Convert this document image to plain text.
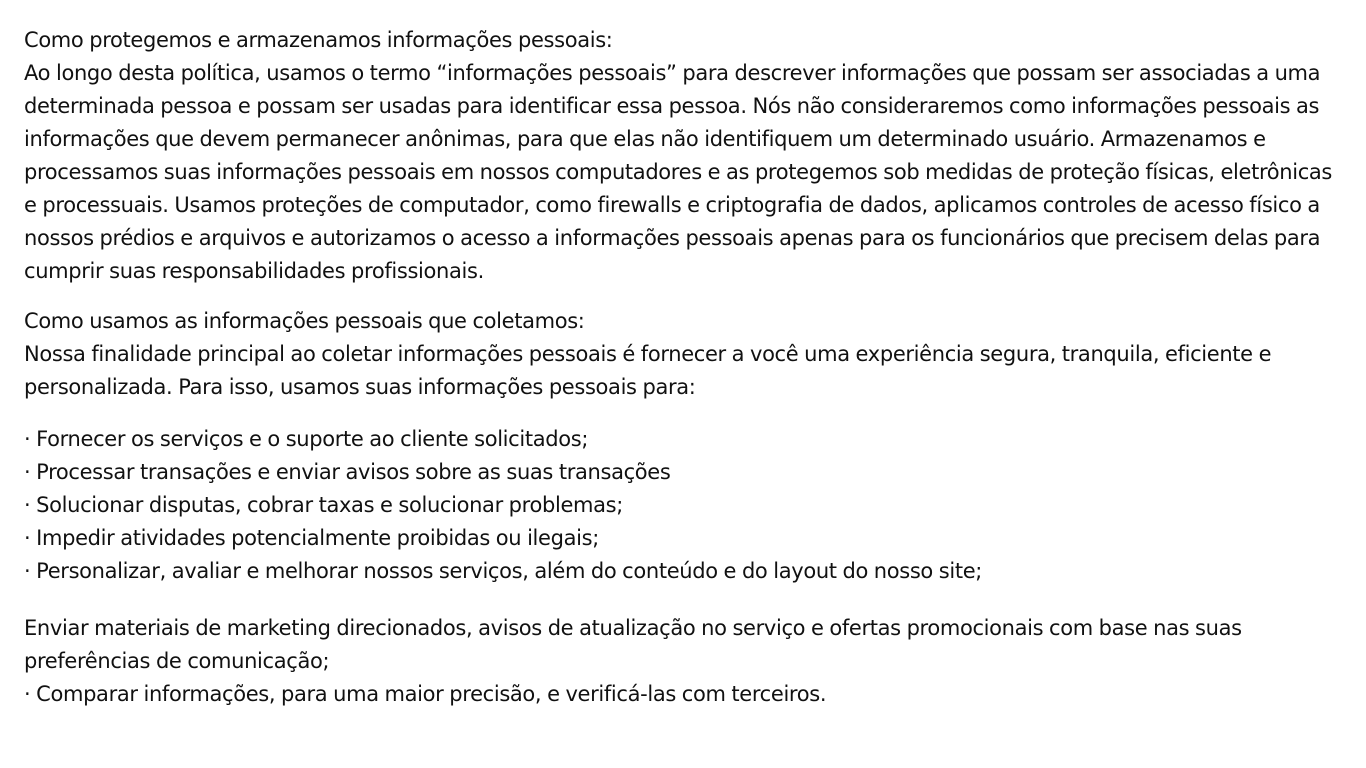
Como protegemos e armazenamos informações pessoais:

Ao longo desta política, usamos o termo “informações pessoais” para descrever informações que possam ser associadas a uma determinada pessoa e possam ser usadas para identificar essa pessoa. Nós não consideraremos como informações pessoais as informações que devem permanecer anônimas, para que elas não identifiquem um determinado usuário. Armazenamos e processamos suas informações pessoais em nossos computadores e as protegemos sob medidas de proteção físicas, eletrônicas e processuais. Usamos proteções de computador, como firewalls e criptografia de dados, aplicamos controles de acesso físico a nossos prédios e arquivos e autorizamos o acesso a informações pessoais apenas para os funcionários que precisem delas para cumprir suas responsabilidades profissionais.

Como usamos as informações pessoais que coletamos:

Nossa finalidade principal ao coletar informações pessoais é fornecer a você uma experiência segura, tranquila, eficiente e personalizada. Para isso, usamos suas informações pessoais para:

· Fornecer os serviços e o suporte ao cliente solicitados;
· Processar transações e enviar avisos sobre as suas transações
· Solucionar disputas, cobrar taxas e solucionar problemas;
· Impedir atividades potencialmente proibidas ou ilegais;
· Personalizar, avaliar e melhorar nossos serviços, além do conteúdo e do layout do nosso site;

Enviar materiais de marketing direcionados, avisos de atualização no serviço e ofertas promocionais com base nas suas preferências de comunicação;

· Comparar informações, para uma maior precisão, e verificá-las com terceiros.
